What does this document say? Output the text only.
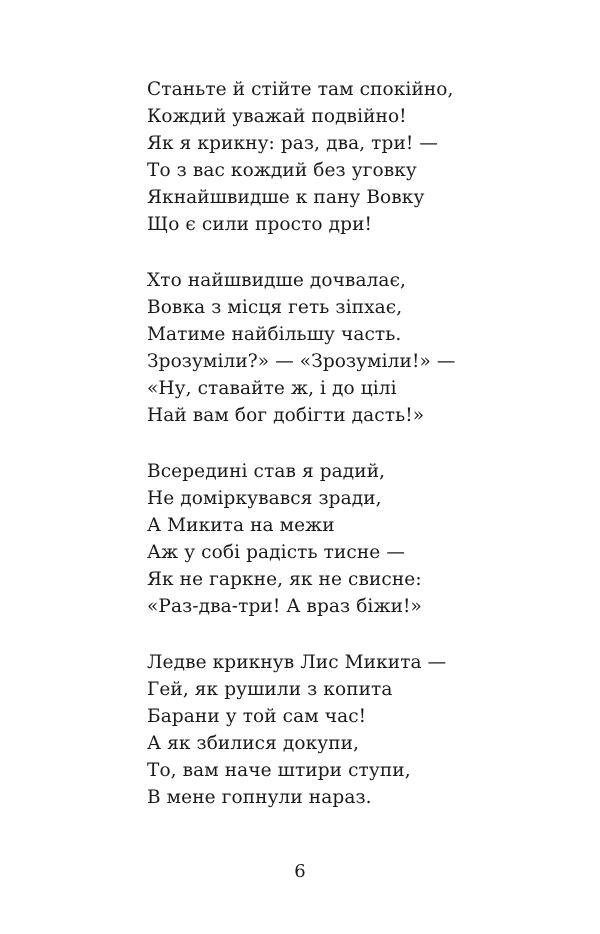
Станьте й стійте там спокійно,
Кождий уважай подвійно!
Як я крикну: раз, два, три! —
То з вас кождий без уговку
Якнайшвидше к пану Вовку
Що є сили просто дри!
Хто найшвидше дочвалає,
Вовка з місця геть зіпхає,
Матиме найбільшу часть.
Зрозуміли?» — «Зрозуміли!» —
«Ну, ставайте ж, і до цілі
Най вам бог добігти дасть!»
Всередині став я радий,
Не доміркувався зради,
А Микита на межи
Аж у собі радість тисне —
Як не гаркне, як не свисне:
«Раз-два-три! А враз біжи!»
Ледве крикнув Лис Микита —
Гей, як рушили з копита
Барани у той сам час!
А як збилися докупи,
То, вам наче штири ступи,
В мене гопнули нараз.
6
